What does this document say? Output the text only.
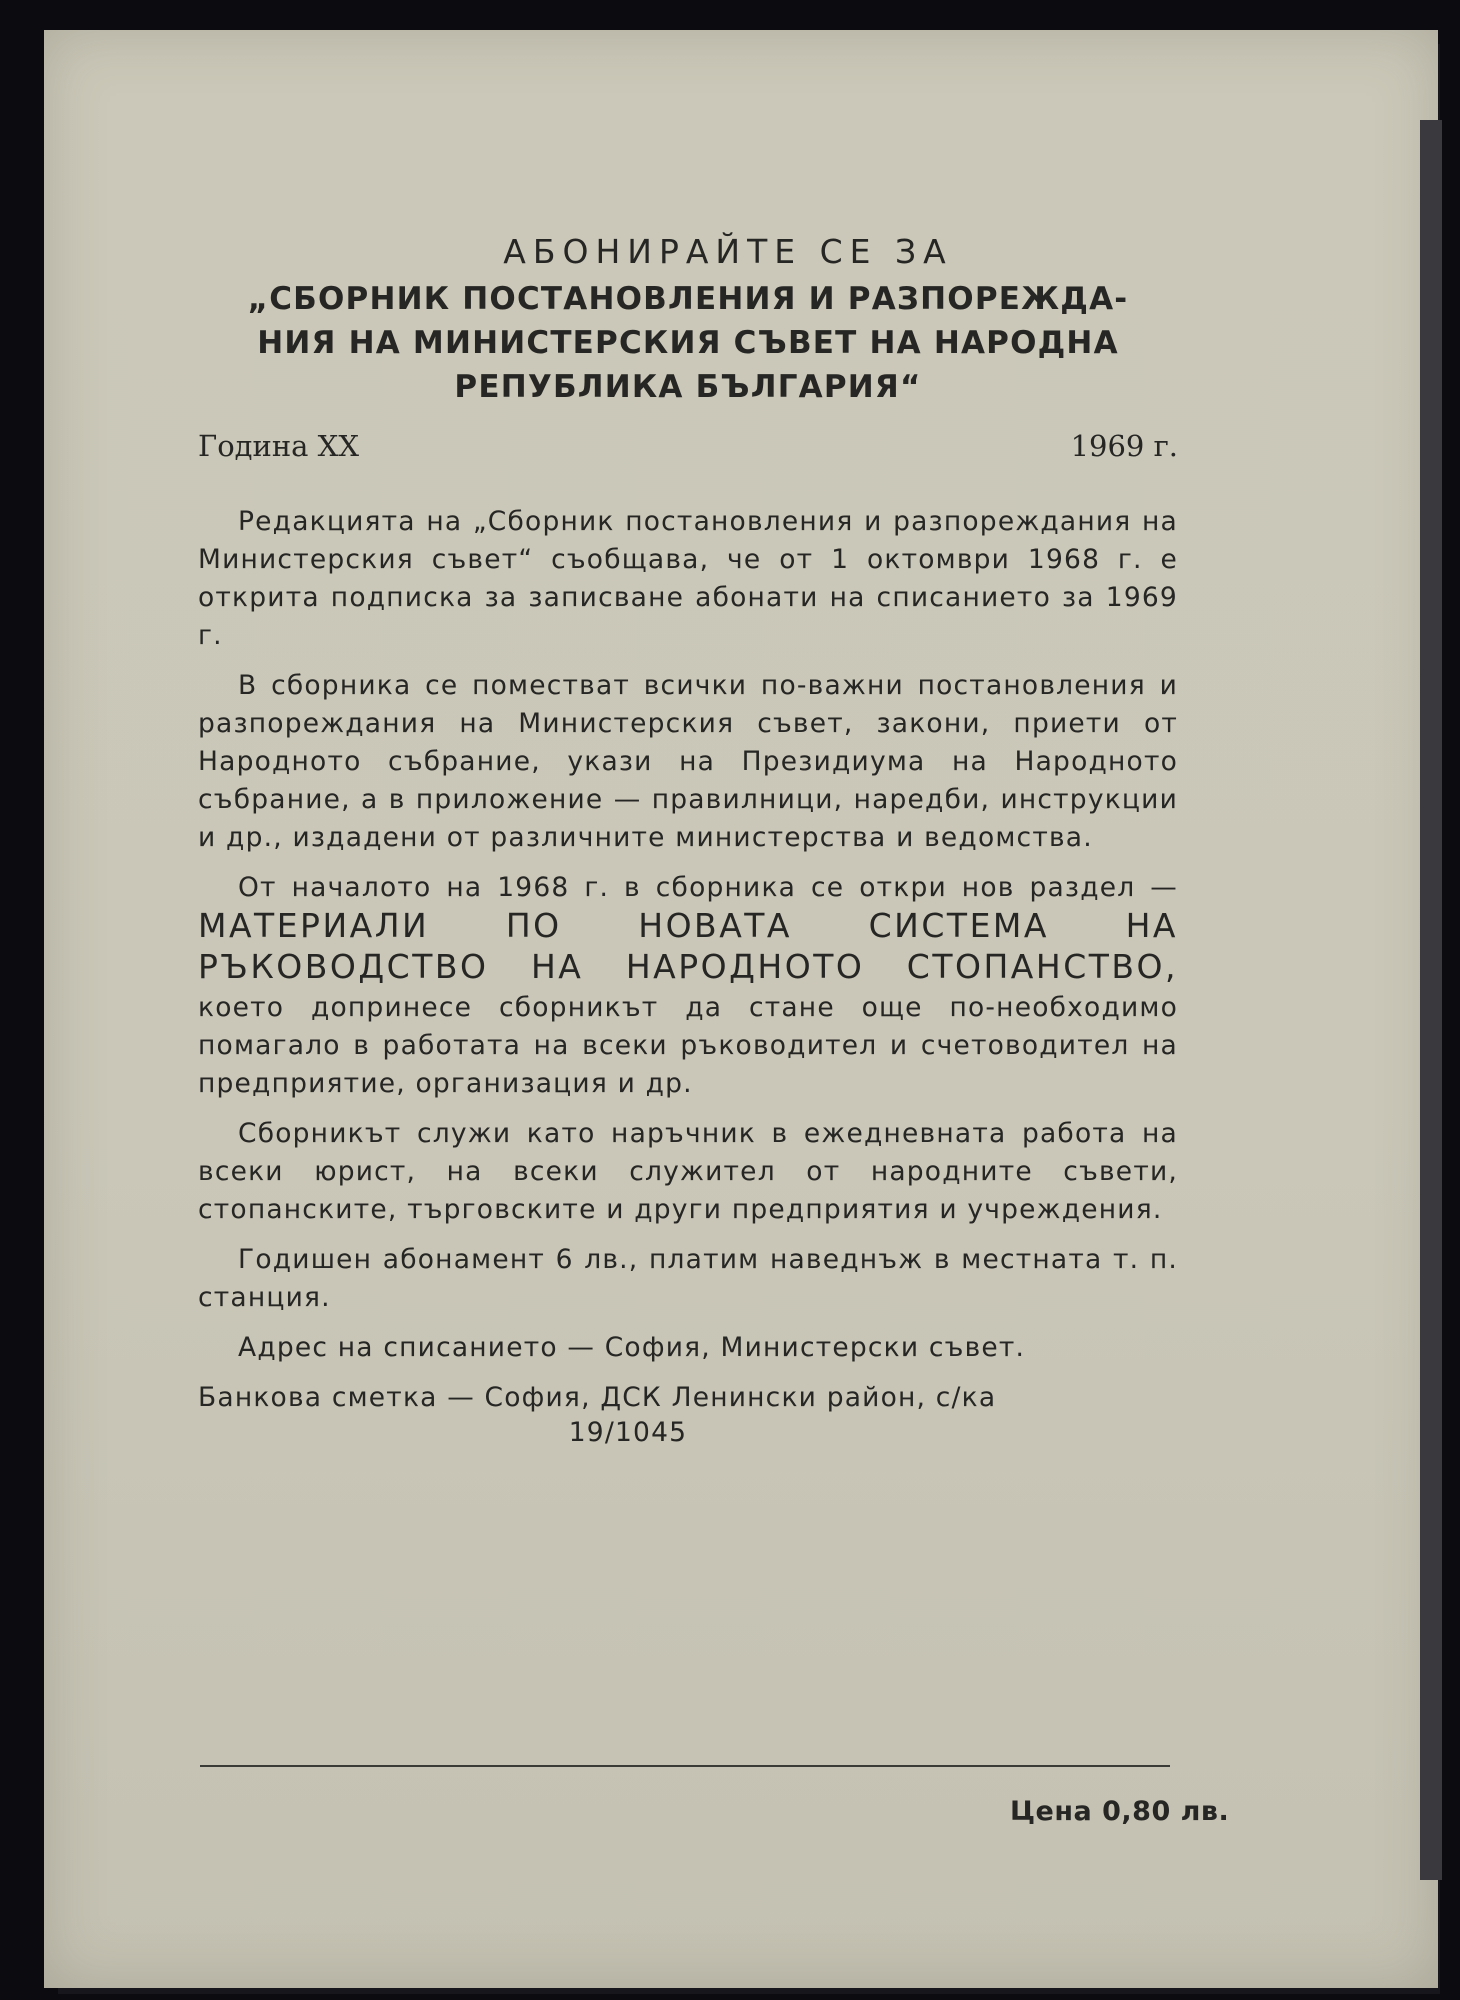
АБОНИРАЙТЕ СЕ ЗА

„СБОРНИК ПОСТАНОВЛЕНИЯ И РАЗПОРЕЖДА-

НИЯ НА МИНИСТЕРСКИЯ СЪВЕТ НА НАРОДНА

РЕПУБЛИКА БЪЛГАРИЯ“

Година XX	1969 г.

Редакцията на „Сборник постановления и разпореждания на Министерския съвет“ съобщава, че от 1 октомври 1968 г. е открита подписка за записване абонати на списанието за 1969 г.

В сборника се поместват всички по-важни постановления и разпореждания на Министерския съвет, закони, приети от Народното събрание, укази на Президиума на Народното събрание, а в приложение — правилници, наредби, инструкции и др., издадени от различните министерства и ведомства.

От началото на 1968 г. в сборника се откри нов раздел — МАТЕРИАЛИ ПО НОВАТА СИСТЕМА НА РЪКОВОДСТВО НА НАРОДНОТО СТОПАНСТВО, което допринесе сборникът да стане още по-необходимо помагало в работата на всеки ръководител и счетоводител на предприятие, организация и др.

Сборникът служи като наръчник в ежедневната работа на всеки юрист, на всеки служител от народните съвети, стопанските, търговските и други предприятия и учреждения.

Годишен абонамент 6 лв., платим наведнъж в местната т. п. станция.

Адрес на списанието — София, Министерски съвет.

Банкова сметка — София, ДСК Ленински район, с/ка

19/1045

Цена 0,80 лв.
